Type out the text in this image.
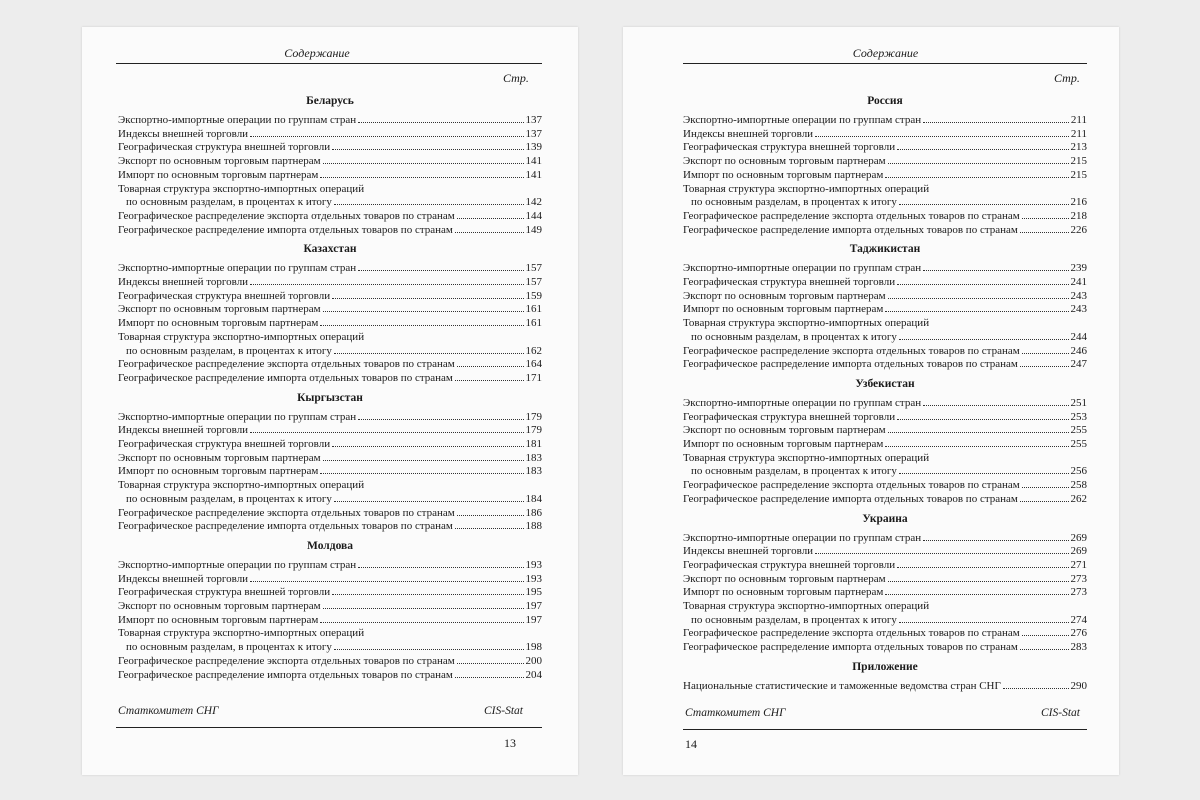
Содержание
Стр.
Статкомитет СНГ	CIS-Stat
13
Беларусь
Экспортно-импортные операции по группам стран	137
Индексы внешней торговли	137
Географическая структура внешней торговли	139
Экспорт по основным торговым партнерам	141
Импорт по основным торговым партнерам	141
Товарная структура экспортно-импортных операций
по основным разделам, в процентах к итогу	142
Географическое распределение экспорта отдельных товаров по странам	144
Географическое распределение импорта отдельных товаров по странам	149
Казахстан
Экспортно-импортные операции по группам стран	157
Индексы внешней торговли	157
Географическая структура внешней торговли	159
Экспорт по основным торговым партнерам	161
Импорт по основным торговым партнерам	161
Товарная структура экспортно-импортных операций
по основным разделам, в процентах к итогу	162
Географическое распределение экспорта отдельных товаров по странам	164
Географическое распределение импорта отдельных товаров по странам	171
Кыргызстан
Экспортно-импортные операции по группам стран	179
Индексы внешней торговли	179
Географическая структура внешней торговли	181
Экспорт по основным торговым партнерам	183
Импорт по основным торговым партнерам	183
Товарная структура экспортно-импортных операций
по основным разделам, в процентах к итогу	184
Географическое распределение экспорта отдельных товаров по странам	186
Географическое распределение импорта отдельных товаров по странам	188
Молдова
Экспортно-импортные операции по группам стран	193
Индексы внешней торговли	193
Географическая структура внешней торговли	195
Экспорт по основным торговым партнерам	197
Импорт по основным торговым партнерам	197
Товарная структура экспортно-импортных операций
по основным разделам, в процентах к итогу	198
Географическое распределение экспорта отдельных товаров по странам	200
Географическое распределение импорта отдельных товаров по странам	204
Содержание
Стр.
Статкомитет СНГ	CIS-Stat
14
Россия
Экспортно-импортные операции по группам стран	211
Индексы внешней торговли	211
Географическая структура внешней торговли	213
Экспорт по основным торговым партнерам	215
Импорт по основным торговым партнерам	215
Товарная структура экспортно-импортных операций
по основным разделам, в процентах к итогу	216
Географическое распределение экспорта отдельных товаров по странам	218
Географическое распределение импорта отдельных товаров по странам	226
Таджикистан
Экспортно-импортные операции по группам стран	239
Географическая структура внешней торговли	241
Экспорт по основным торговым партнерам	243
Импорт по основным торговым партнерам	243
Товарная структура экспортно-импортных операций
по основным разделам, в процентах к итогу	244
Географическое распределение экспорта отдельных товаров по странам	246
Географическое распределение импорта отдельных товаров по странам	247
Узбекистан
Экспортно-импортные операции по группам стран	251
Географическая структура внешней торговли	253
Экспорт по основным торговым партнерам	255
Импорт по основным торговым партнерам	255
Товарная структура экспортно-импортных операций
по основным разделам, в процентах к итогу	256
Географическое распределение экспорта отдельных товаров по странам	258
Географическое распределение импорта отдельных товаров по странам	262
Украина
Экспортно-импортные операции по группам стран	269
Индексы внешней торговли	269
Географическая структура внешней торговли	271
Экспорт по основным торговым партнерам	273
Импорт по основным торговым партнерам	273
Товарная структура экспортно-импортных операций
по основным разделам, в процентах к итогу	274
Географическое распределение экспорта отдельных товаров по странам	276
Географическое распределение импорта отдельных товаров по странам	283
Приложение
Национальные статистические и таможенные ведомства стран СНГ	290
